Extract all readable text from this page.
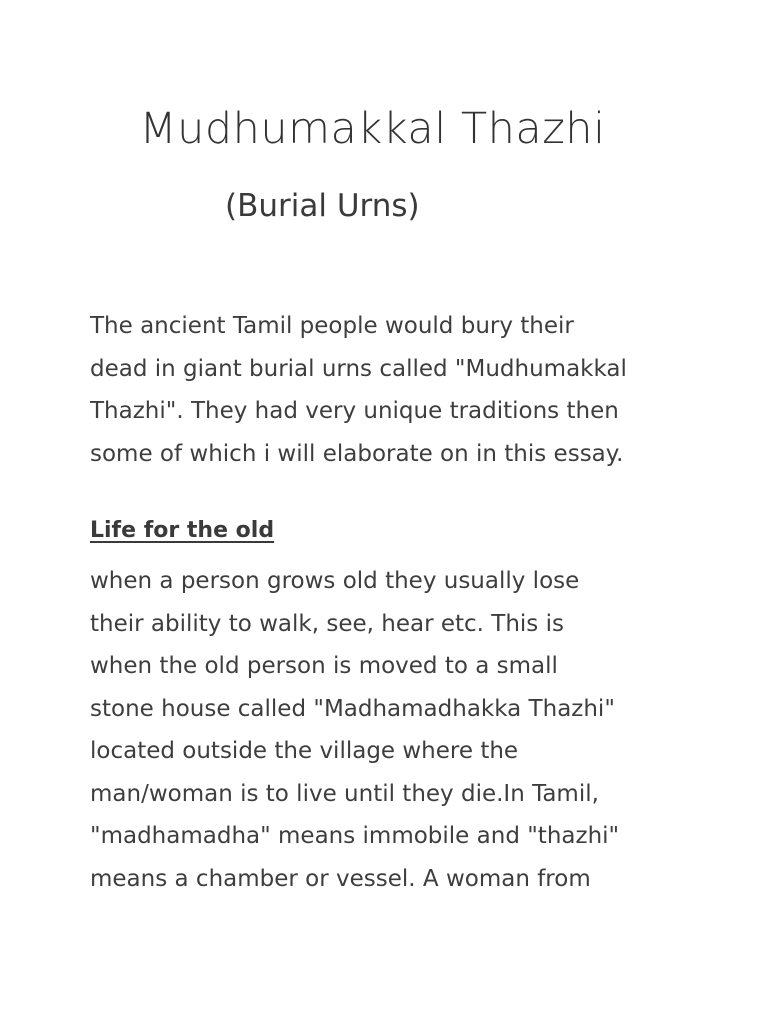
Mudhumakkal Thazhi
(Burial Urns)
The ancient Tamil people would bury their
dead in giant burial urns called "Mudhumakkal
Thazhi". They had very unique traditions then
some of which i will elaborate on in this essay.
Life for the old
when a person grows old they usually lose
their ability to walk, see, hear etc. This is
when the old person is moved to a small
stone house called "Madhamadhakka Thazhi"
located outside the village where the
man/woman is to live until they die.In Tamil,
"madhamadha" means immobile and "thazhi"
means a chamber or vessel. A woman from
